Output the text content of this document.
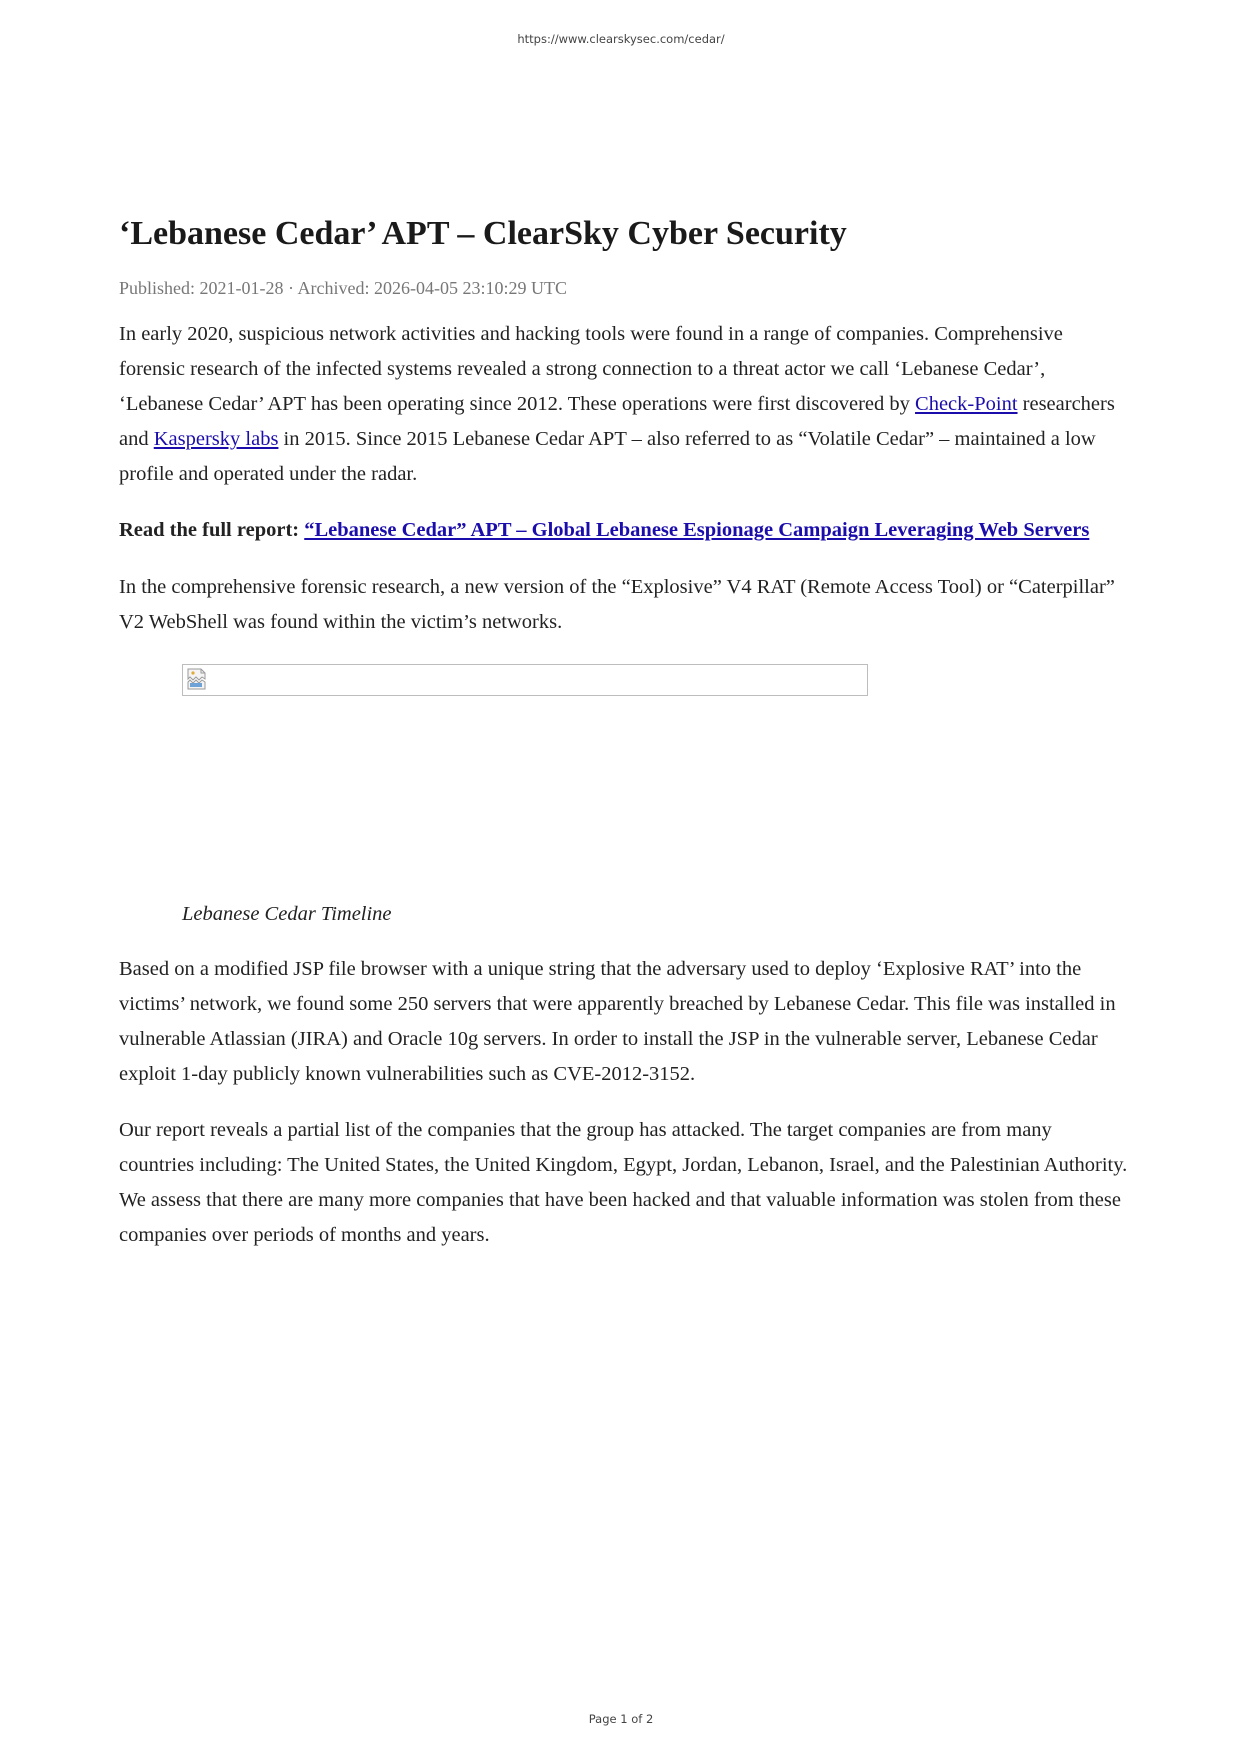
https://www.clearskysec.com/cedar/
‘Lebanese Cedar’ APT – ClearSky Cyber Security
Published: 2021-01-28 · Archived: 2026-04-05 23:10:29 UTC

In early 2020, suspicious network activities and hacking tools were found in a range of companies. Comprehensive forensic research of the infected systems revealed a strong connection to a threat actor we call ‘Lebanese Cedar’, ‘Lebanese Cedar’ APT has been operating since 2012. These operations were first discovered by Check-Point researchers and Kaspersky labs in 2015. Since 2015 Lebanese Cedar APT – also referred to as “Volatile Cedar” – maintained a low profile and operated under the radar.

Read the full report: “Lebanese Cedar” APT – Global Lebanese Espionage Campaign Leveraging Web Servers

In the comprehensive forensic research, a new version of the “Explosive” V4 RAT (Remote Access Tool) or “Caterpillar” V2 WebShell was found within the victim’s networks.

Lebanese Cedar Timeline

Based on a modified JSP file browser with a unique string that the adversary used to deploy ‘Explosive RAT’ into the victims’ network, we found some 250 servers that were apparently breached by Lebanese Cedar. This file was installed in vulnerable Atlassian (JIRA) and Oracle 10g servers. In order to install the JSP in the vulnerable server, Lebanese Cedar exploit 1-day publicly known vulnerabilities such as CVE-2012-3152.

Our report reveals a partial list of the companies that the group has attacked. The target companies are from many countries including: The United States, the United Kingdom, Egypt, Jordan, Lebanon, Israel, and the Palestinian Authority. We assess that there are many more companies that have been hacked and that valuable information was stolen from these companies over periods of months and years.

Page 1 of 2
